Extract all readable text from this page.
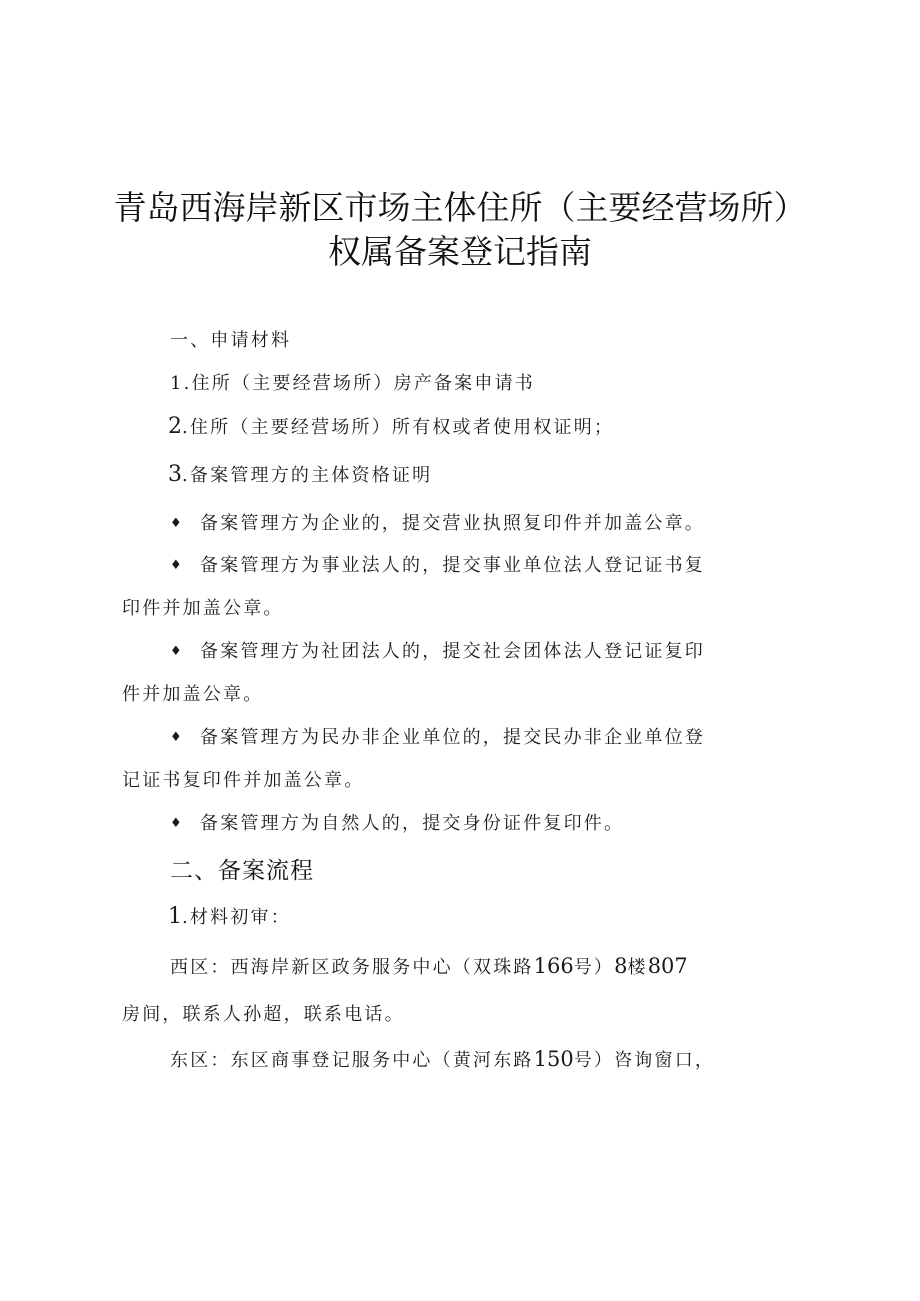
青岛西海岸新区市场主体住所（主要经营场所）
权属备案登记指南
一、申请材料
1.住所（主要经营场所）房产备案申请书
2.住所（主要经营场所）所有权或者使用权证明；
3.备案管理方的主体资格证明
♦ 备案管理方为企业的，提交营业执照复印件并加盖公章。
♦ 备案管理方为事业法人的，提交事业单位法人登记证书复
印件并加盖公章。
♦ 备案管理方为社团法人的，提交社会团体法人登记证复印
件并加盖公章。
♦ 备案管理方为民办非企业单位的，提交民办非企业单位登
记证书复印件并加盖公章。
♦ 备案管理方为自然人的，提交身份证件复印件。
二、备案流程
1.材料初审：
西区：西海岸新区政务服务中心（双珠路166号）8楼807
房间，联系人孙超，联系电话。
东区：东区商事登记服务中心（黄河东路150号）咨询窗口，
